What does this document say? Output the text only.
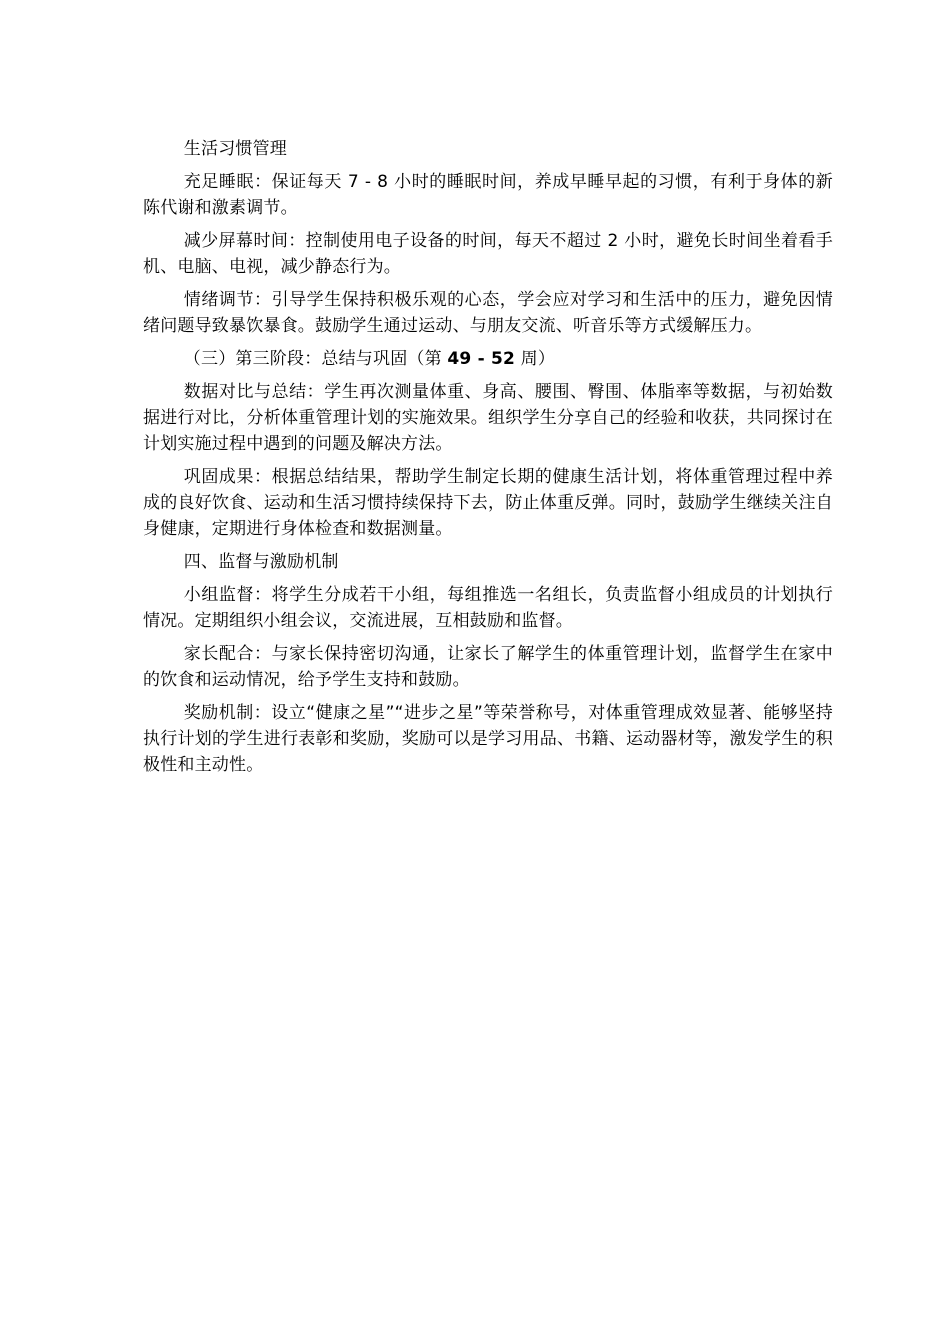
生活习惯管理

充足睡眠：保证每天 7 - 8 小时的睡眠时间，养成早睡早起的习惯，有利于身体的新陈代谢和激素调节。

减少屏幕时间：控制使用电子设备的时间，每天不超过 2 小时，避免长时间坐着看手机、电脑、电视，减少静态行为。

情绪调节：引导学生保持积极乐观的心态，学会应对学习和生活中的压力，避免因情绪问题导致暴饮暴食。鼓励学生通过运动、与朋友交流、听音乐等方式缓解压力。

（三）第三阶段：总结与巩固（第 49 - 52 周）

数据对比与总结：学生再次测量体重、身高、腰围、臀围、体脂率等数据，与初始数据进行对比，分析体重管理计划的实施效果。组织学生分享自己的经验和收获，共同探讨在计划实施过程中遇到的问题及解决方法。

巩固成果：根据总结结果，帮助学生制定长期的健康生活计划，将体重管理过程中养成的良好饮食、运动和生活习惯持续保持下去，防止体重反弹。同时，鼓励学生继续关注自身健康，定期进行身体检查和数据测量。

四、监督与激励机制

小组监督：将学生分成若干小组，每组推选一名组长，负责监督小组成员的计划执行情况。定期组织小组会议，交流进展，互相鼓励和监督。

家长配合：与家长保持密切沟通，让家长了解学生的体重管理计划，监督学生在家中的饮食和运动情况，给予学生支持和鼓励。

奖励机制：设立“健康之星”“进步之星”等荣誉称号，对体重管理成效显著、能够坚持执行计划的学生进行表彰和奖励，奖励可以是学习用品、书籍、运动器材等，激发学生的积极性和主动性。
